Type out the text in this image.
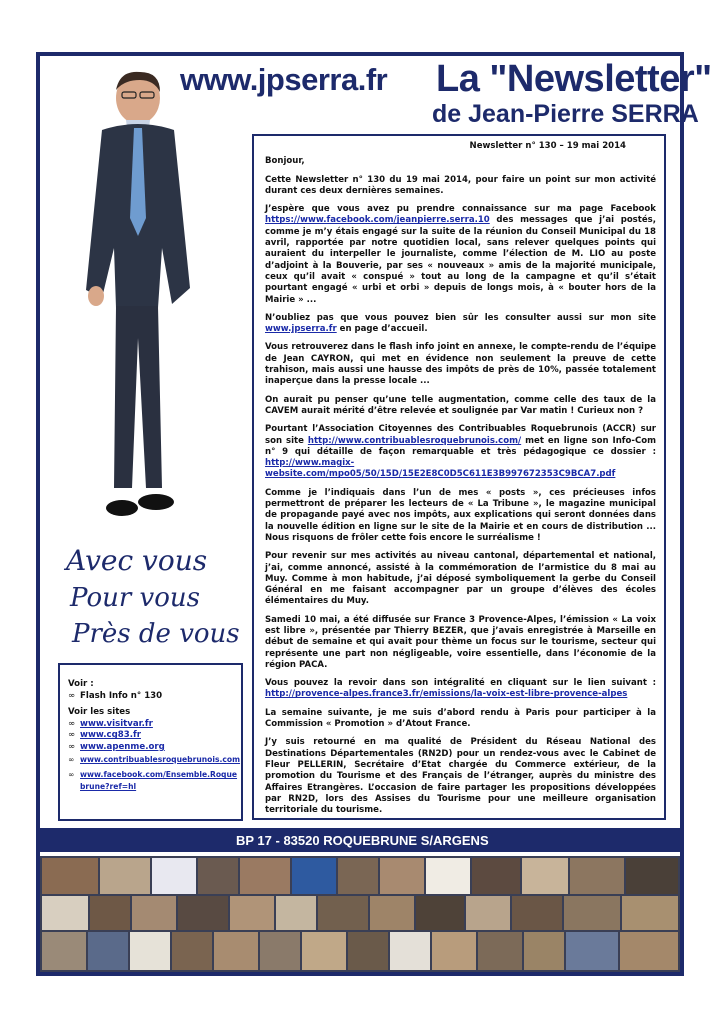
www.jpserra.fr La "Newsletter"
de Jean-Pierre SERRA
Avec vous
Pour vous
Près de vous
Newsletter n° 130 – 19 mai 2014

Bonjour,

Cette Newsletter n° 130 du 19 mai 2014, pour faire un point sur mon activité durant ces deux dernières semaines.

J’espère que vous avez pu prendre connaissance sur ma page Facebook https://www.facebook.com/jeanpierre.serra.10 des messages que j’ai postés, comme je m’y étais engagé sur la suite de la réunion du Conseil Municipal du 18 avril, rapportée par notre quotidien local, sans relever quelques points qui auraient du interpeller le journaliste, comme l’élection de M. LIO au poste d’adjoint à la Bouverie, par ses « nouveaux » amis de la majorité municipale, ceux qu’il avait « conspué » tout au long de la campagne et qu’il s’était pourtant engagé « urbi et orbi » depuis de longs mois, à « bouter hors de la Mairie » ...

N’oubliez pas que vous pouvez bien sûr les consulter aussi sur mon site www.jpserra.fr en page d’accueil.

Vous retrouverez dans le flash info joint en annexe, le compte-rendu de l’équipe de Jean CAYRON, qui met en évidence non seulement la preuve de cette trahison, mais aussi une hausse des impôts de près de 10%, passée totalement inaperçue dans la presse locale ...

On aurait pu penser qu’une telle augmentation, comme celle des taux de la CAVEM aurait mérité d’être relevée et soulignée par Var matin ! Curieux non ?

Pourtant l’Association Citoyennes des Contribuables Roquebrunois (ACCR) sur son site http://www.contribuablesroquebrunois.com/ met en ligne son Info-Com n° 9 qui détaille de façon remarquable et très pédagogique ce dossier : http://www.magix-website.com/mpo05/50/15D/15E2E8C0D5C611E3B997672353C9BCA7.pdf

Comme je l’indiquais dans l’un de mes « posts », ces précieuses infos permettront de préparer les lecteurs de « La Tribune », le magazine municipal de propagande payé avec nos impôts, aux explications qui seront données dans la nouvelle édition en ligne sur le site de la Mairie et en cours de distribution ... Nous risquons de frôler cette fois encore le surréalisme !

Pour revenir sur mes activités au niveau cantonal, départemental et national, j’ai, comme annoncé, assisté à la commémoration de l’armistice du 8 mai au Muy. Comme à mon habitude, j’ai déposé symboliquement la gerbe du Conseil Général en me faisant accompagner par un groupe d’élèves des écoles élémentaires du Muy.

Samedi 10 mai, a été diffusée sur France 3 Provence-Alpes, l’émission « La voix est libre », présentée par Thierry BEZER, que j’avais enregistrée à Marseille en début de semaine et qui avait pour thème un focus sur le tourisme, secteur qui représente une part non négligeable, voire essentielle, dans l’économie de la région PACA.

Vous pouvez la revoir dans son intégralité en cliquant sur le lien suivant : http://provence-alpes.france3.fr/emissions/la-voix-est-libre-provence-alpes

La semaine suivante, je me suis d’abord rendu à Paris pour participer à la Commission « Promotion » d’Atout France.

J’y suis retourné en ma qualité de Président du Réseau National des Destinations Départementales (RN2D) pour un rendez-vous avec le Cabinet de Fleur PELLERIN, Secrétaire d’Etat chargée du Commerce extérieur, de la promotion du Tourisme et des Français de l’étranger, auprès du ministre des Affaires Etrangères. L’occasion de faire partager les propositions développées par RN2D, lors des Assises du Tourisme pour une meilleure organisation territoriale du tourisme.

Voir :

∞ Flash Info n° 130

Voir les sites

∞ www.visitvar.fr
∞ www.cg83.fr
∞ www.apenme.org
∞ www.contribuablesroquebrunois.com
∞ www.facebook.com/Ensemble.Roque brune?ref=hl
BP 17 - 83520 ROQUEBRUNE S/ARGENS
